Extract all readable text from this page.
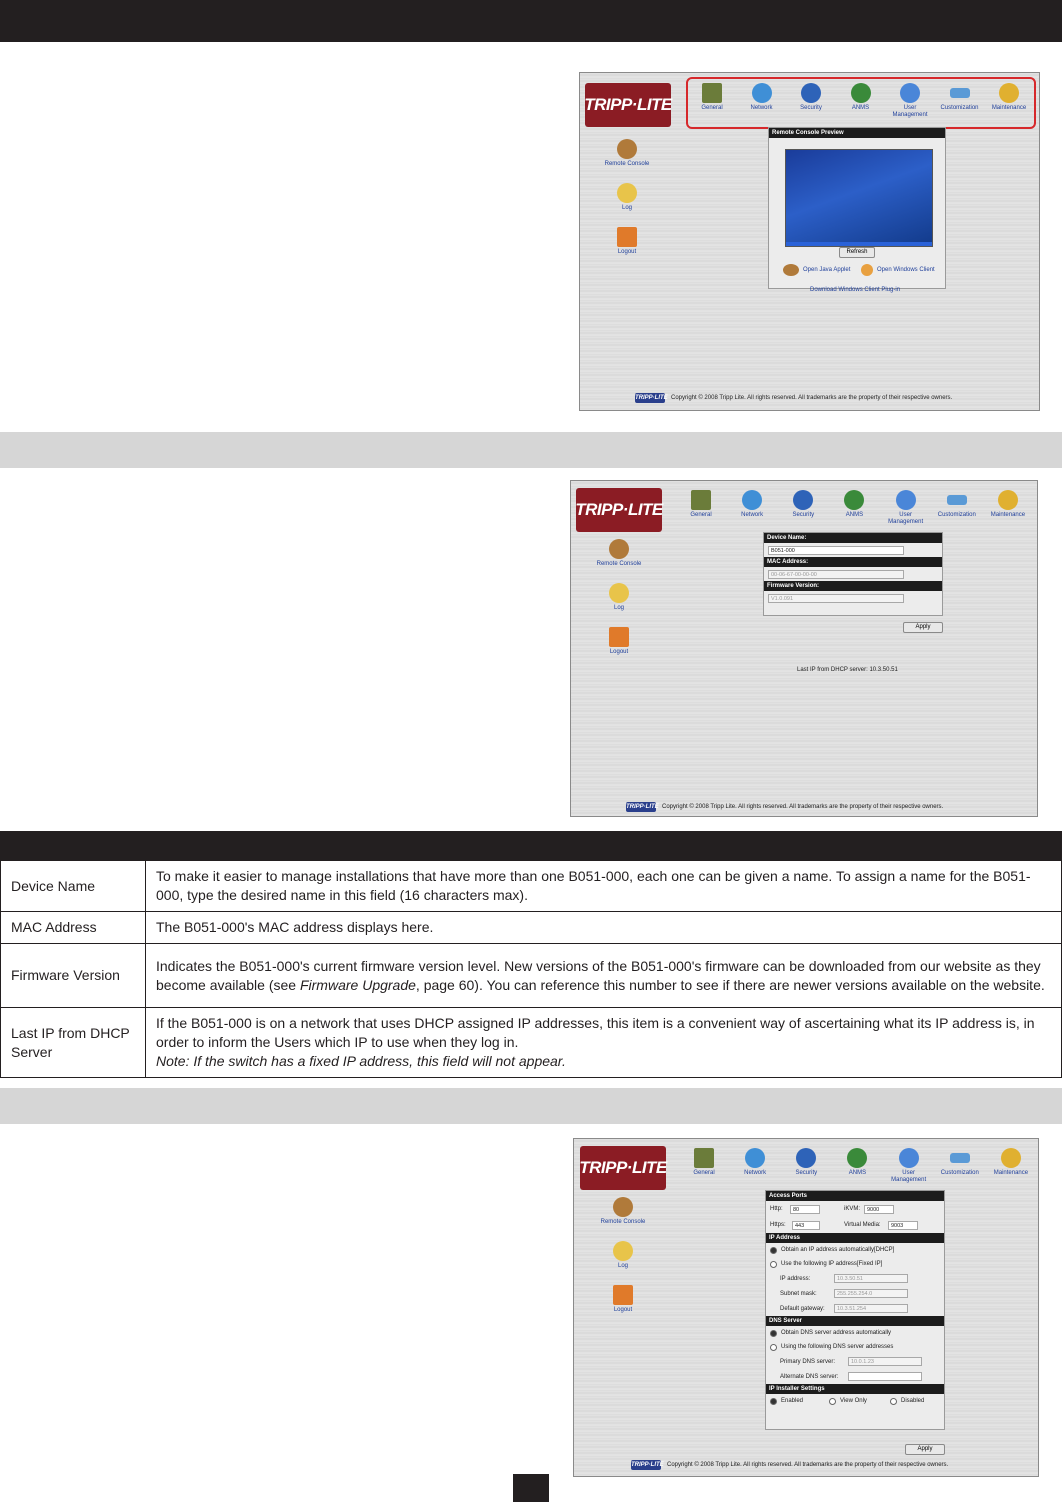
TRIPP·LITE	General	Network	Security	ANMS	User Management
Customization Maintenance
Remote Console
Log
Logout
Remote Console Preview
Refresh
Open Java Applet	Open Windows Client
Download Windows Client Plug-in
TRIPP·LITE Copyright © 2008 Tripp Lite. All rights reserved. All trademarks are the property of their respective owners.
TRIPP·LITE	General	Network	Security	ANMS	User Management
Customization Maintenance
Remote Console
Log
Logout
Device Name:
B051-000
MAC Address:
00-06-67-00-00-00
Firmware Version:
V1.0.091
Apply
Last IP from DHCP server: 10.3.50.51
TRIPP·LITE Copyright © 2008 Tripp Lite. All rights reserved. All trademarks are the property of their respective owners.
Device Name	To make it easier to manage installations that have more than one B051-000, each one can be given a name. To assign a name for the B051-000, type the desired name in this field (16 characters max).
MAC Address	The B051-000's MAC address displays here.
Firmware Version	Indicates the B051-000's current firmware version level. New versions of the B051-000's firmware can be downloaded from our website as they become available (see Firmware Upgrade, page 60). You can reference this number to see if there are newer versions available on the website.
Last IP from DHCP Server	If the B051-000 is on a network that uses DHCP assigned IP addresses, this item is a convenient way of ascertaining what its IP address is, in order to inform the Users which IP to use when they log in.
Note: If the switch has a fixed IP address, this field will not appear.
TRIPP·LITE	General	Network	Security	ANMS	User Management
Customization Maintenance
Remote Console
Log
Logout
Access Ports
Http:	80	iKVM:	9000
Https:	443	Virtual Media:	9003
IP Address
Obtain an IP address automatically[DHCP]
Use the following IP address[Fixed IP]
IP address:	10.3.50.51
Subnet mask:	255.255.254.0
Default gateway:	10.3.51.254
DNS Server
Obtain DNS server address automatically
Using the following DNS server addresses
Primary DNS server:	10.0.1.23
Alternate DNS server:
IP Installer Settings
Enabled	View Only	Disabled
Apply
TRIPP·LITE Copyright © 2008 Tripp Lite. All rights reserved. All trademarks are the property of their respective owners.
